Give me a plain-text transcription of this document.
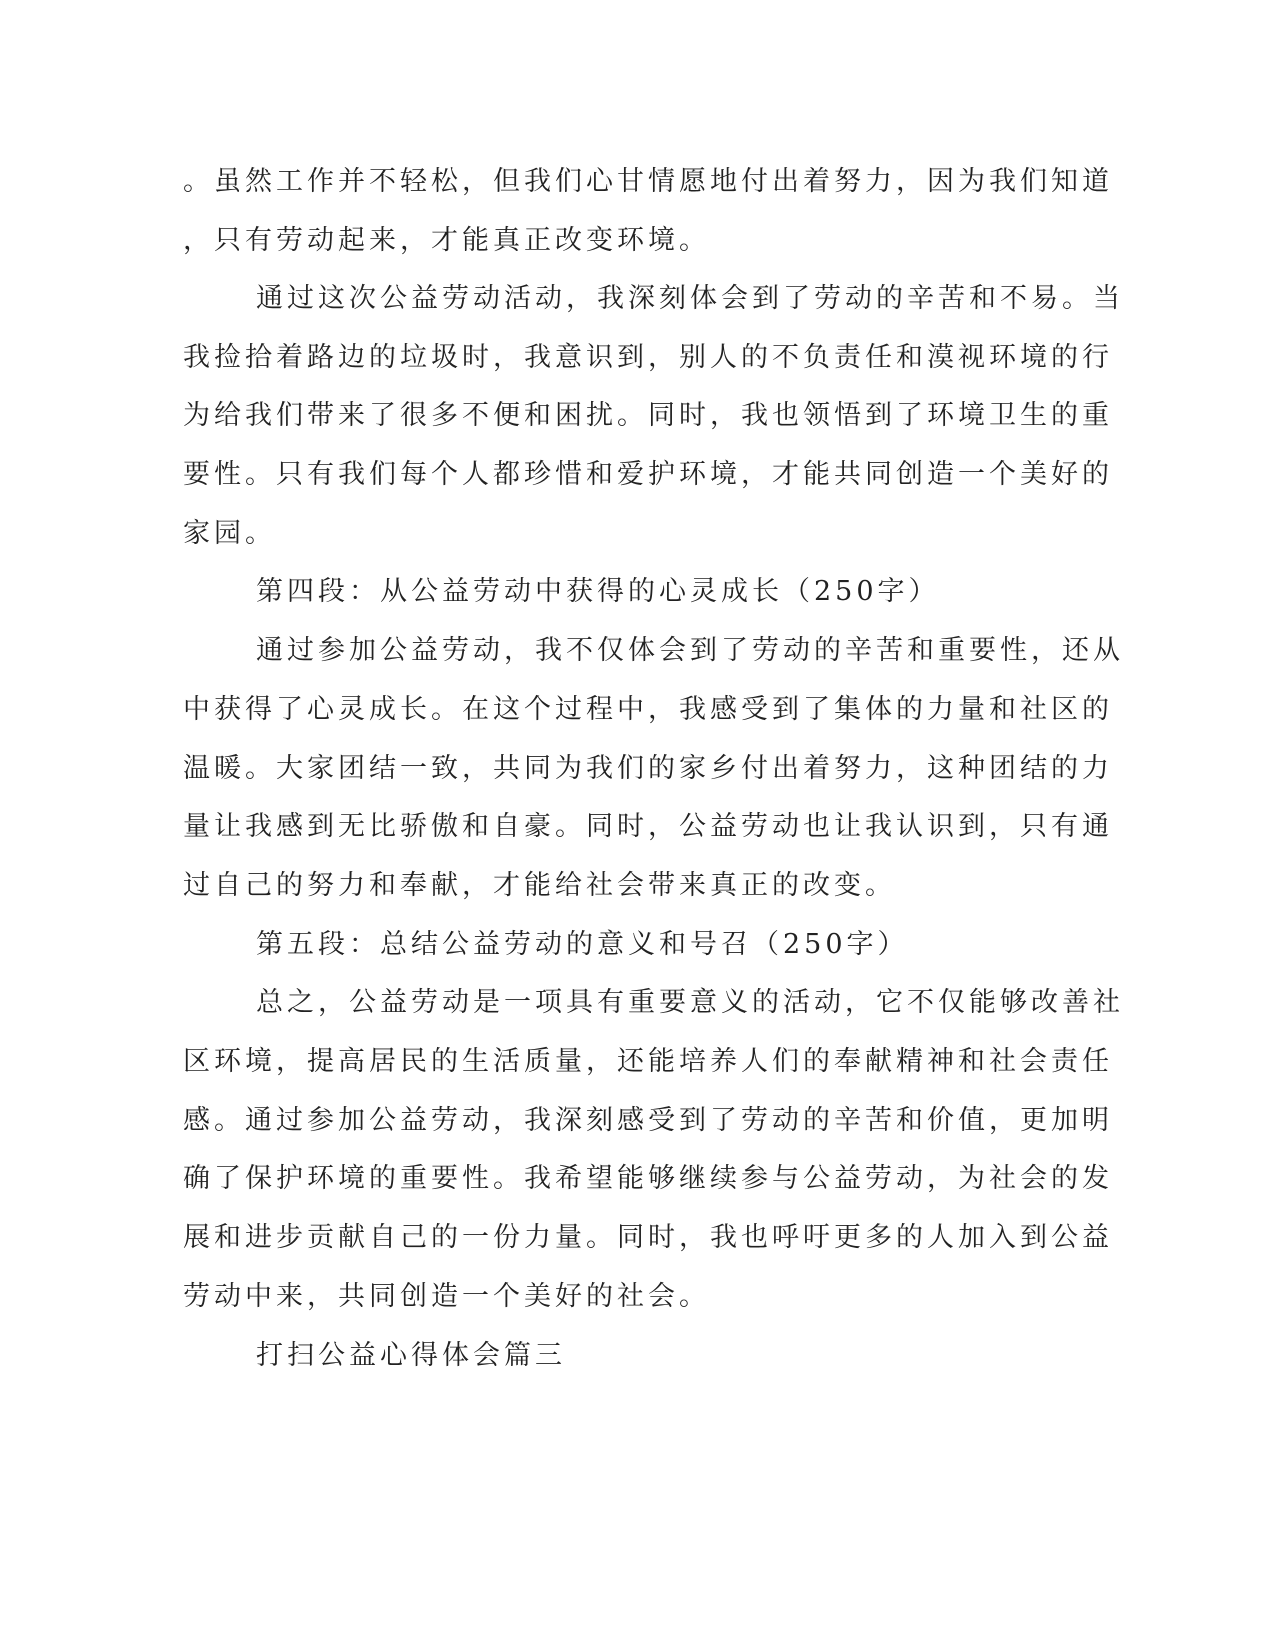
。虽然工作并不轻松，但我们心甘情愿地付出着努力，因为我们知道

，只有劳动起来，才能真正改变环境。

通过这次公益劳动活动，我深刻体会到了劳动的辛苦和不易。当

我捡拾着路边的垃圾时，我意识到，别人的不负责任和漠视环境的行

为给我们带来了很多不便和困扰。同时，我也领悟到了环境卫生的重

要性。只有我们每个人都珍惜和爱护环境，才能共同创造一个美好的

家园。

第四段：从公益劳动中获得的心灵成长（250字）

通过参加公益劳动，我不仅体会到了劳动的辛苦和重要性，还从

中获得了心灵成长。在这个过程中，我感受到了集体的力量和社区的

温暖。大家团结一致，共同为我们的家乡付出着努力，这种团结的力

量让我感到无比骄傲和自豪。同时，公益劳动也让我认识到，只有通

过自己的努力和奉献，才能给社会带来真正的改变。

第五段：总结公益劳动的意义和号召（250字）

总之，公益劳动是一项具有重要意义的活动，它不仅能够改善社

区环境，提高居民的生活质量，还能培养人们的奉献精神和社会责任

感。通过参加公益劳动，我深刻感受到了劳动的辛苦和价值，更加明

确了保护环境的重要性。我希望能够继续参与公益劳动，为社会的发

展和进步贡献自己的一份力量。同时，我也呼吁更多的人加入到公益

劳动中来，共同创造一个美好的社会。

打扫公益心得体会篇三
